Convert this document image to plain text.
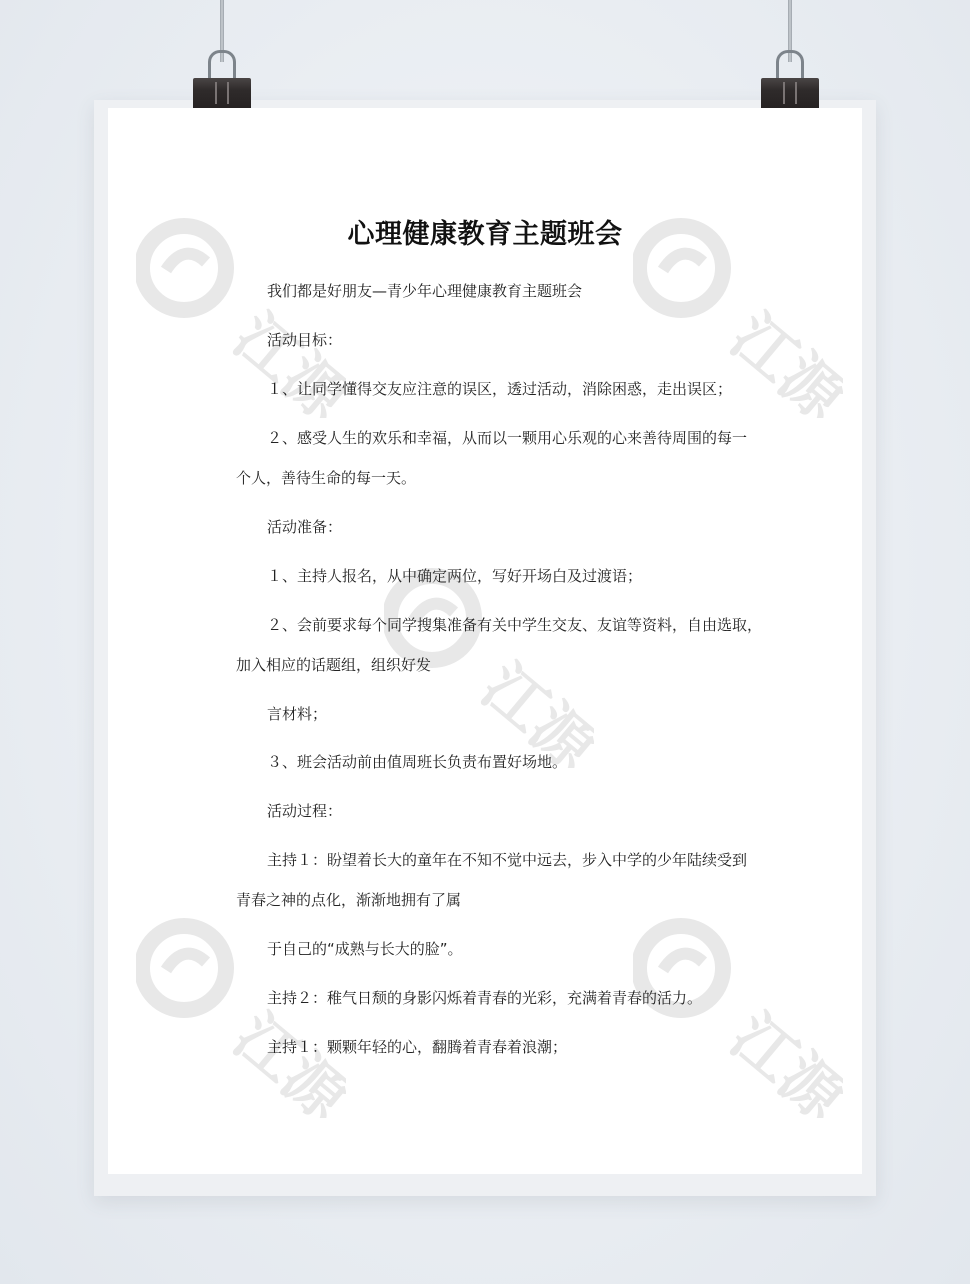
江源	江源
江源
江源	江源
心理健康教育主题班会
我们都是好朋友—青少年心理健康教育主题班会
活动目标：
１、让同学懂得交友应注意的误区，透过活动，消除困惑，走出误区；
２、感受人生的欢乐和幸福，从而以一颗用心乐观的心来善待周围的每一
个人，善待生命的每一天。
活动准备：
１、主持人报名，从中确定两位，写好开场白及过渡语；
２、会前要求每个同学搜集准备有关中学生交友、友谊等资料，自由选取，
加入相应的话题组，组织好发
言材料；
３、班会活动前由值周班长负责布置好场地。
活动过程：
主持１：盼望着长大的童年在不知不觉中远去，步入中学的少年陆续受到
青春之神的点化，渐渐地拥有了属
于自己的“成熟与长大的脸”。
主持２：稚气日颓的身影闪烁着青春的光彩，充满着青春的活力。
主持１：颗颗年轻的心，翻腾着青春着浪潮；
